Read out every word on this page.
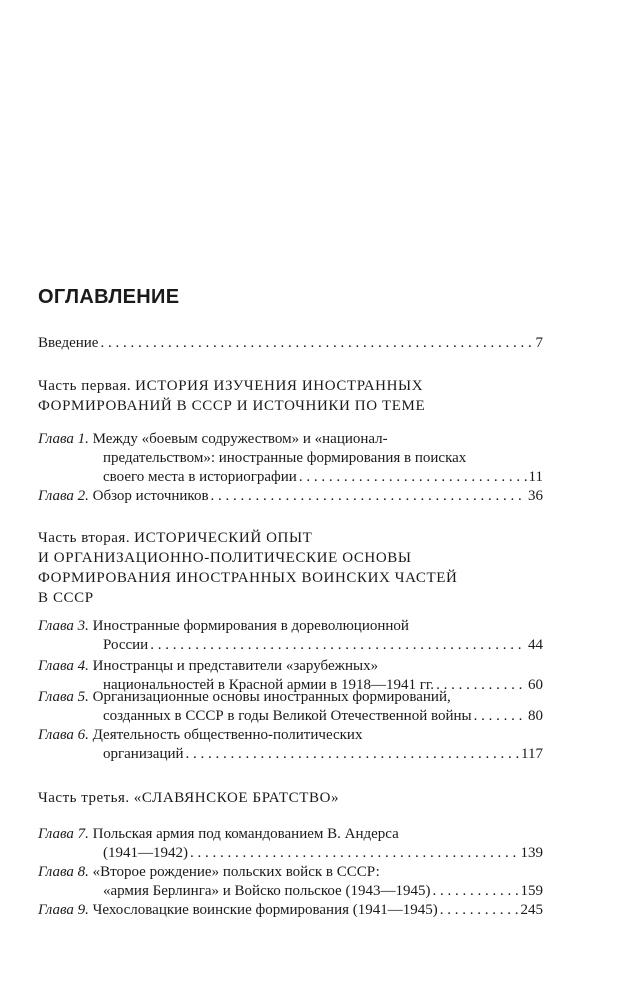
ОГЛАВЛЕНИЕ
Введение . . .	7
Часть первая. ИСТОРИЯ ИЗУЧЕНИЯ ИНОСТРАННЫХ
ФОРМИРОВАНИЙ В СССР И ИСТОЧНИКИ ПО ТЕМЕ
Глава 1. Между «боевым содружеством» и «национал-
предательством»: иностранные формирования в поисках
своего места в историографии . . .	11
Глава 2. Обзор источников . . .	36
Часть вторая. ИСТОРИЧЕСКИЙ ОПЫТ
И ОРГАНИЗАЦИОННО-ПОЛИТИЧЕСКИЕ ОСНОВЫ
ФОРМИРОВАНИЯ ИНОСТРАННЫХ ВОИНСКИХ ЧАСТЕЙ
В СССР
Глава 3. Иностранные формирования в дореволюционной
России . . .	44
Глава 4. Иностранцы и представители «зарубежных»
национальностей в Красной армии в 1918—1941 гг. . . .	60
Глава 5. Организационные основы иностранных формирований,
созданных в СССР в годы Великой Отечественной войны . . .	80
Глава 6. Деятельность общественно-политических
организаций . . .	117
Часть третья. «СЛАВЯНСКОЕ БРАТСТВО»
Глава 7. Польская армия под командованием В. Андерса
(1941—1942) . . .	139
Глава 8. «Второе рождение» польских войск в СССР:
«армия Берлинга» и Войско польское (1943—1945) . . .	159
Глава 9. Чехословацкие воинские формирования (1941—1945) . . .	245
